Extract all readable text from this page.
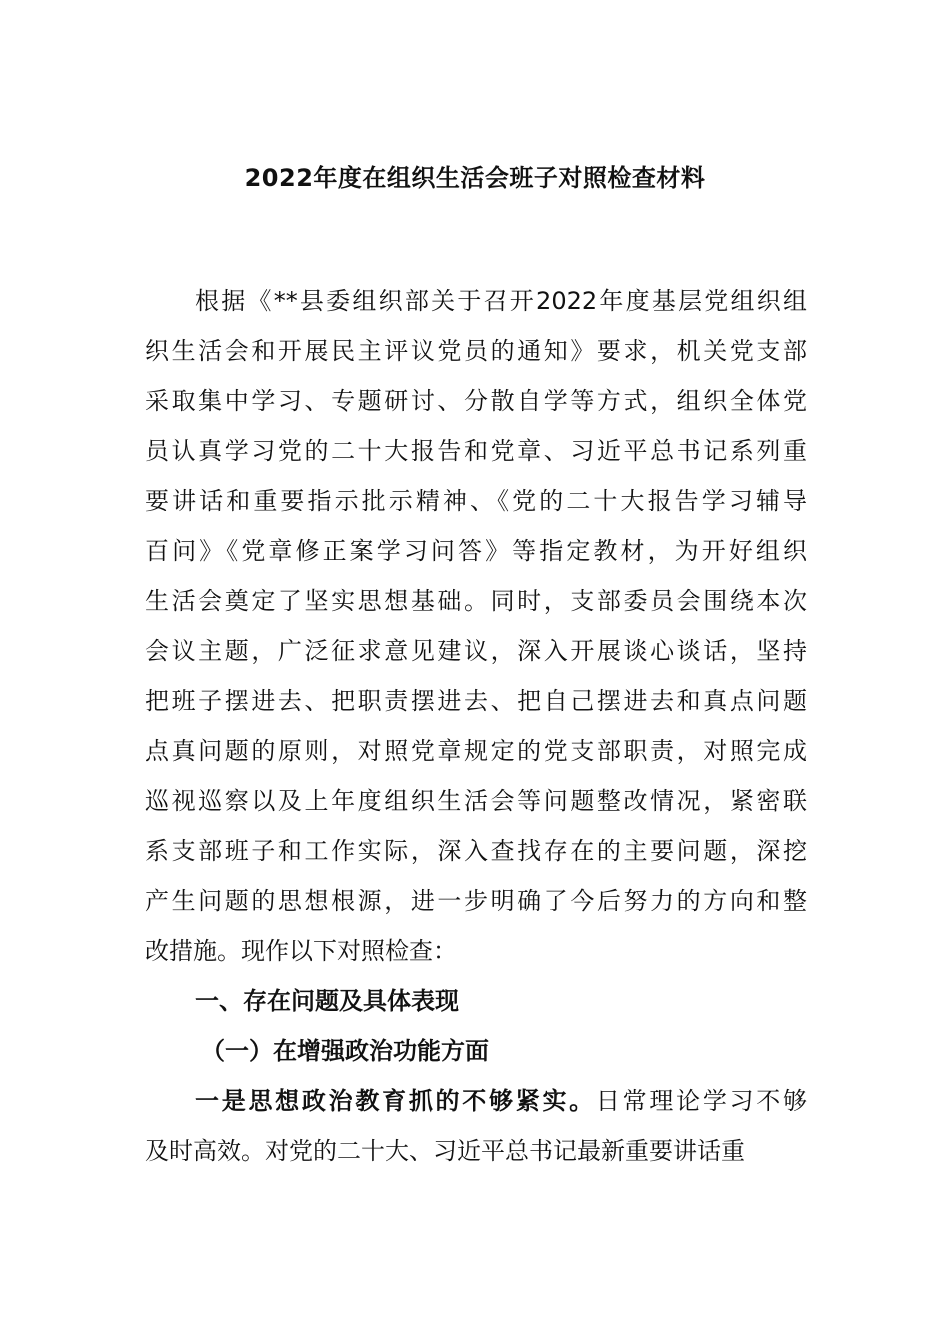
2022年度在组织生活会班子对照检查材料
根据《**县委组织部关于召开2022年度基层党组织组
织生活会和开展民主评议党员的通知》要求，机关党支部
采取集中学习、专题研讨、分散自学等方式，组织全体党
员认真学习党的二十大报告和党章、习近平总书记系列重
要讲话和重要指示批示精神、《党的二十大报告学习辅导
百问》《党章修正案学习问答》等指定教材，为开好组织
生活会奠定了坚实思想基础。同时，支部委员会围绕本次
会议主题，广泛征求意见建议，深入开展谈心谈话，坚持
把班子摆进去、把职责摆进去、把自己摆进去和真点问题
点真问题的原则，对照党章规定的党支部职责，对照完成
巡视巡察以及上年度组织生活会等问题整改情况，紧密联
系支部班子和工作实际，深入查找存在的主要问题，深挖
产生问题的思想根源，进一步明确了今后努力的方向和整
改措施。现作以下对照检查：
一、存在问题及具体表现
（一）在增强政治功能方面
一是思想政治教育抓的不够紧实。日常理论学习不够
及时高效。对党的二十大、习近平总书记最新重要讲话重
